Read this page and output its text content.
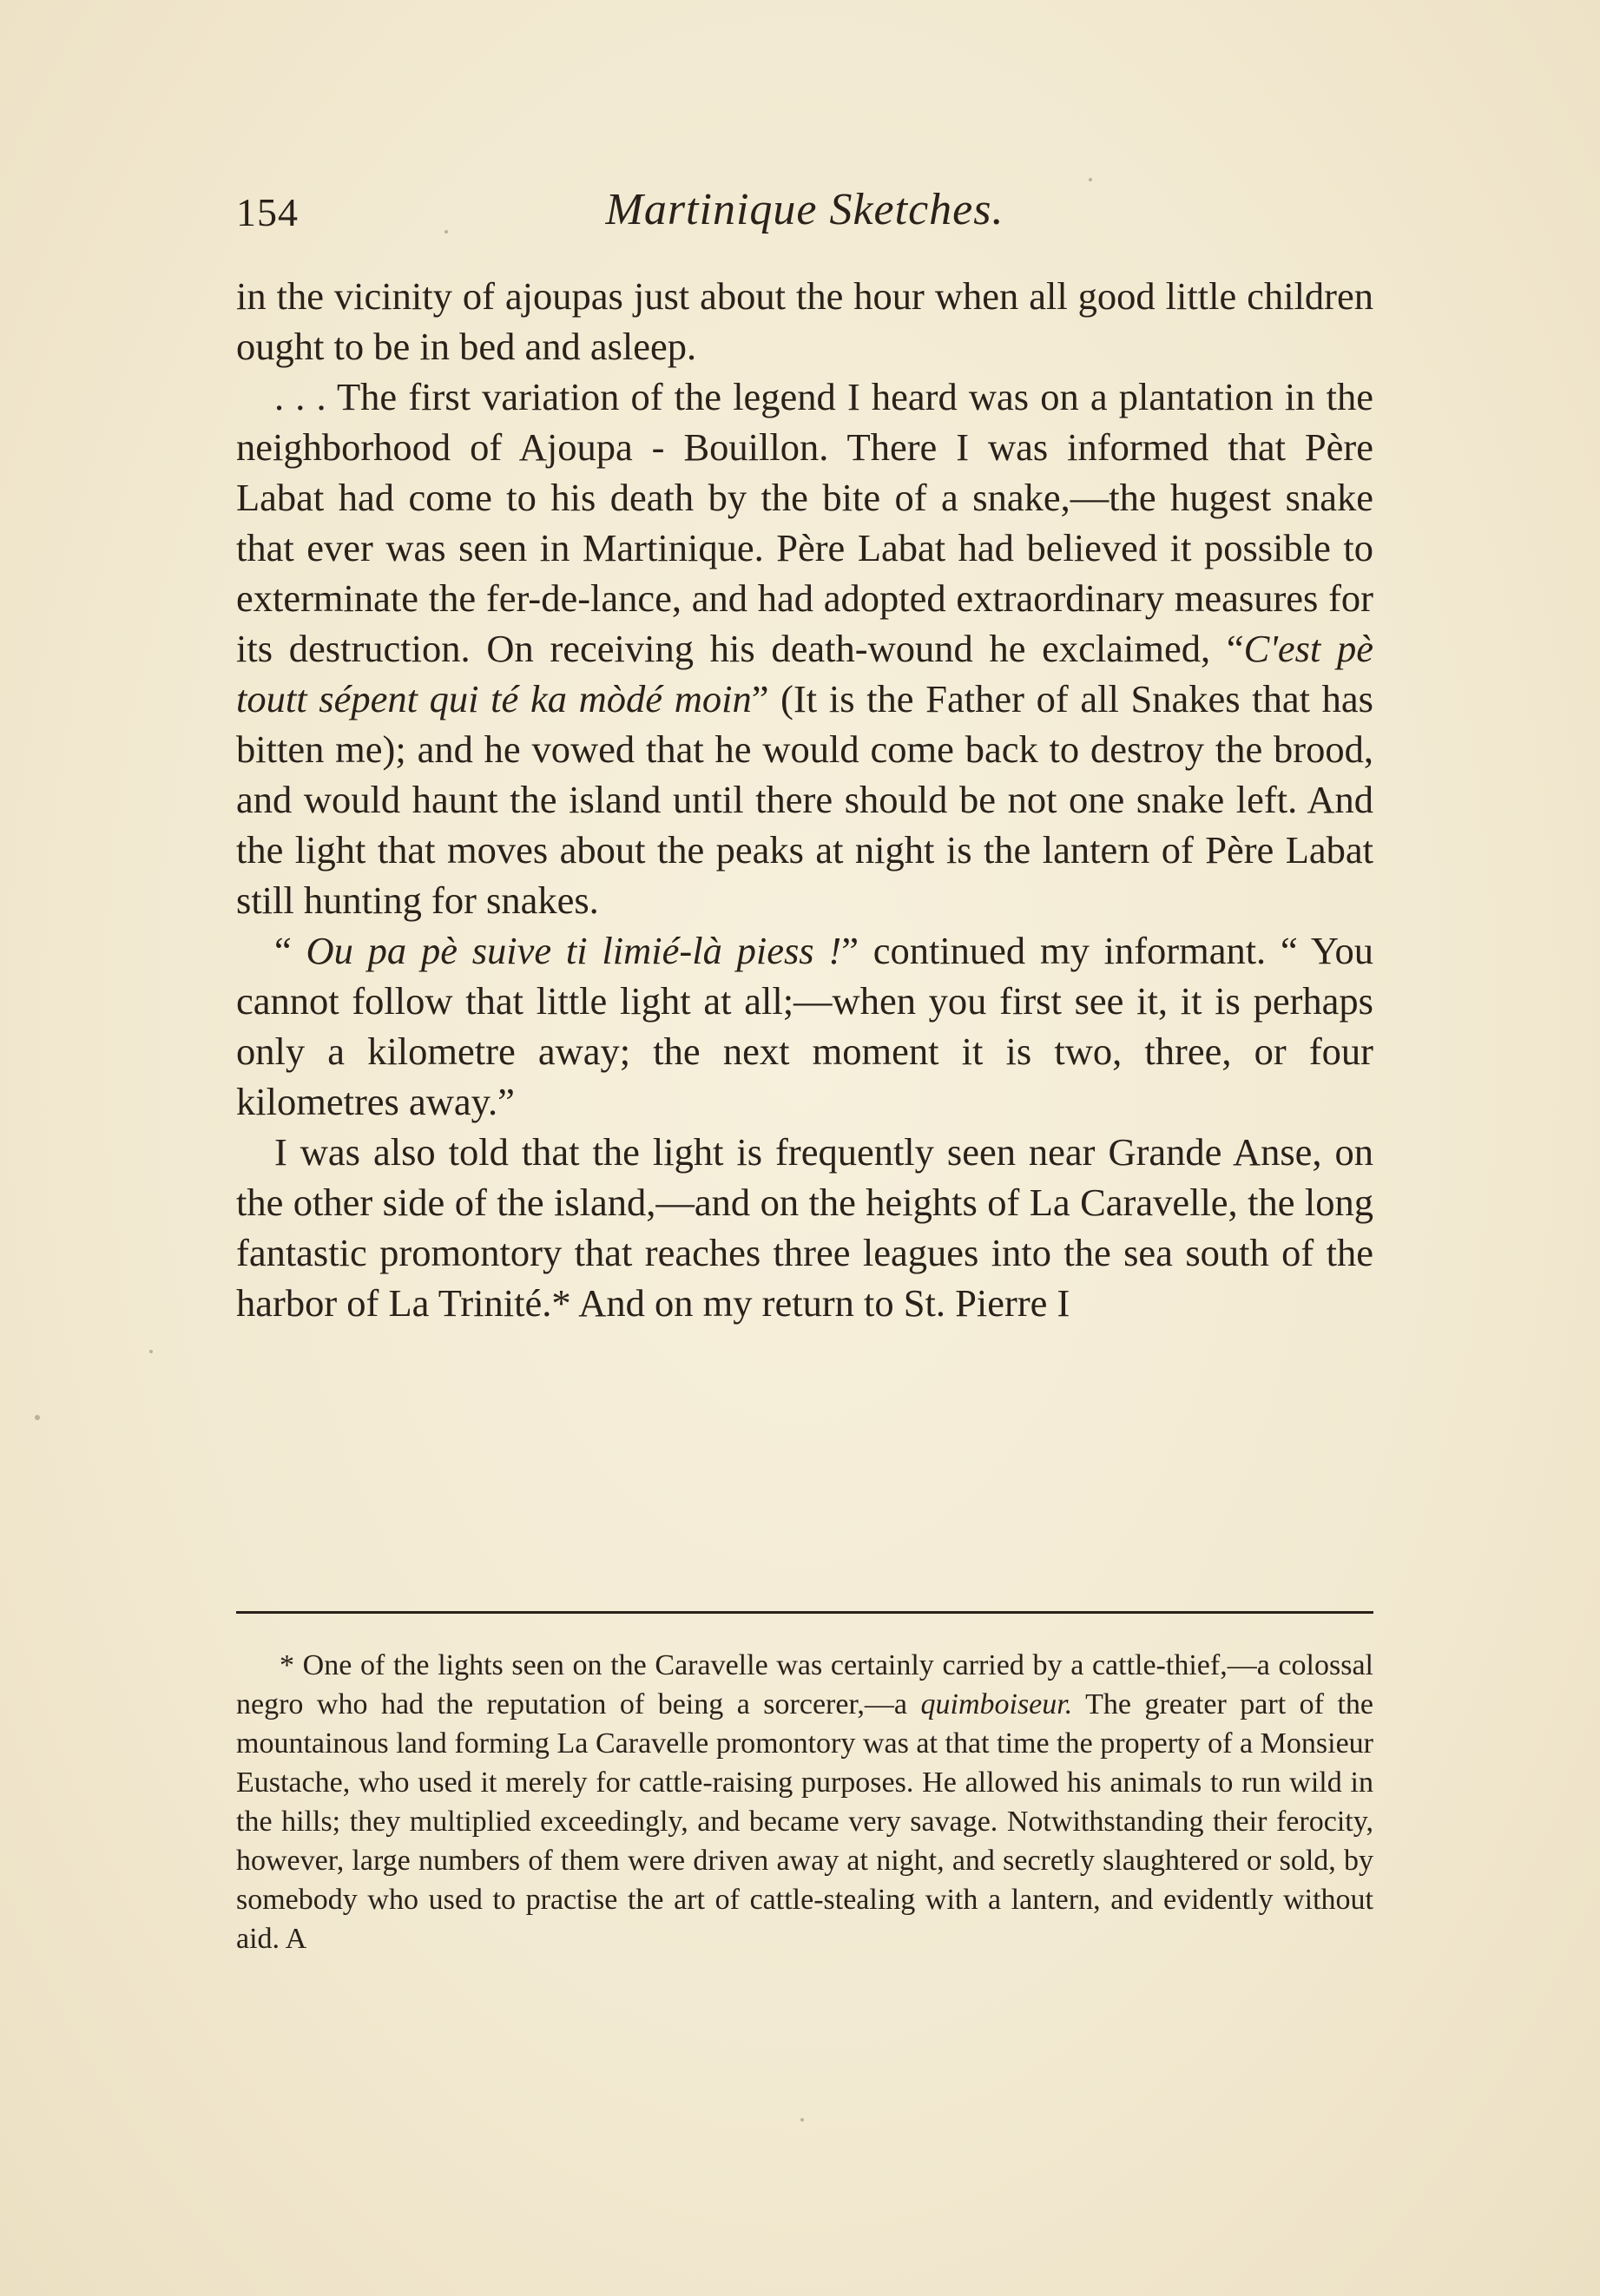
154	Martinique Sketches.

in the vicinity of ajoupas just about the hour when all good little children ought to be in bed and asleep.

. . . The first variation of the legend I heard was on a plantation in the neighborhood of Ajoupa - Bouillon. There I was informed that Père Labat had come to his death by the bite of a snake,—the hugest snake that ever was seen in Martinique. Père Labat had believed it possible to exterminate the fer-de-lance, and had adopted extraordinary measures for its destruction. On receiving his death-wound he exclaimed, “C'est pè toutt sépent qui té ka mòdé moin” (It is the Father of all Snakes that has bitten me); and he vowed that he would come back to destroy the brood, and would haunt the island until there should be not one snake left. And the light that moves about the peaks at night is the lantern of Père Labat still hunting for snakes.

“ Ou pa pè suive ti limié-là piess !” continued my informant. “ You cannot follow that little light at all;—when you first see it, it is perhaps only a kilometre away; the next moment it is two, three, or four kilometres away.”

I was also told that the light is frequently seen near Grande Anse, on the other side of the island,—and on the heights of La Caravelle, the long fantastic promontory that reaches three leagues into the sea south of the harbor of La Trinité.* And on my return to St. Pierre I

* One of the lights seen on the Caravelle was certainly carried by a cattle-thief,—a colossal negro who had the reputation of being a sorcerer,—a quimboiseur. The greater part of the mountainous land forming La Caravelle promontory was at that time the property of a Monsieur Eustache, who used it merely for cattle-raising purposes. He allowed his animals to run wild in the hills; they multiplied exceedingly, and became very savage. Notwithstanding their ferocity, however, large numbers of them were driven away at night, and secretly slaughtered or sold, by somebody who used to practise the art of cattle-stealing with a lantern, and evidently without aid. A
